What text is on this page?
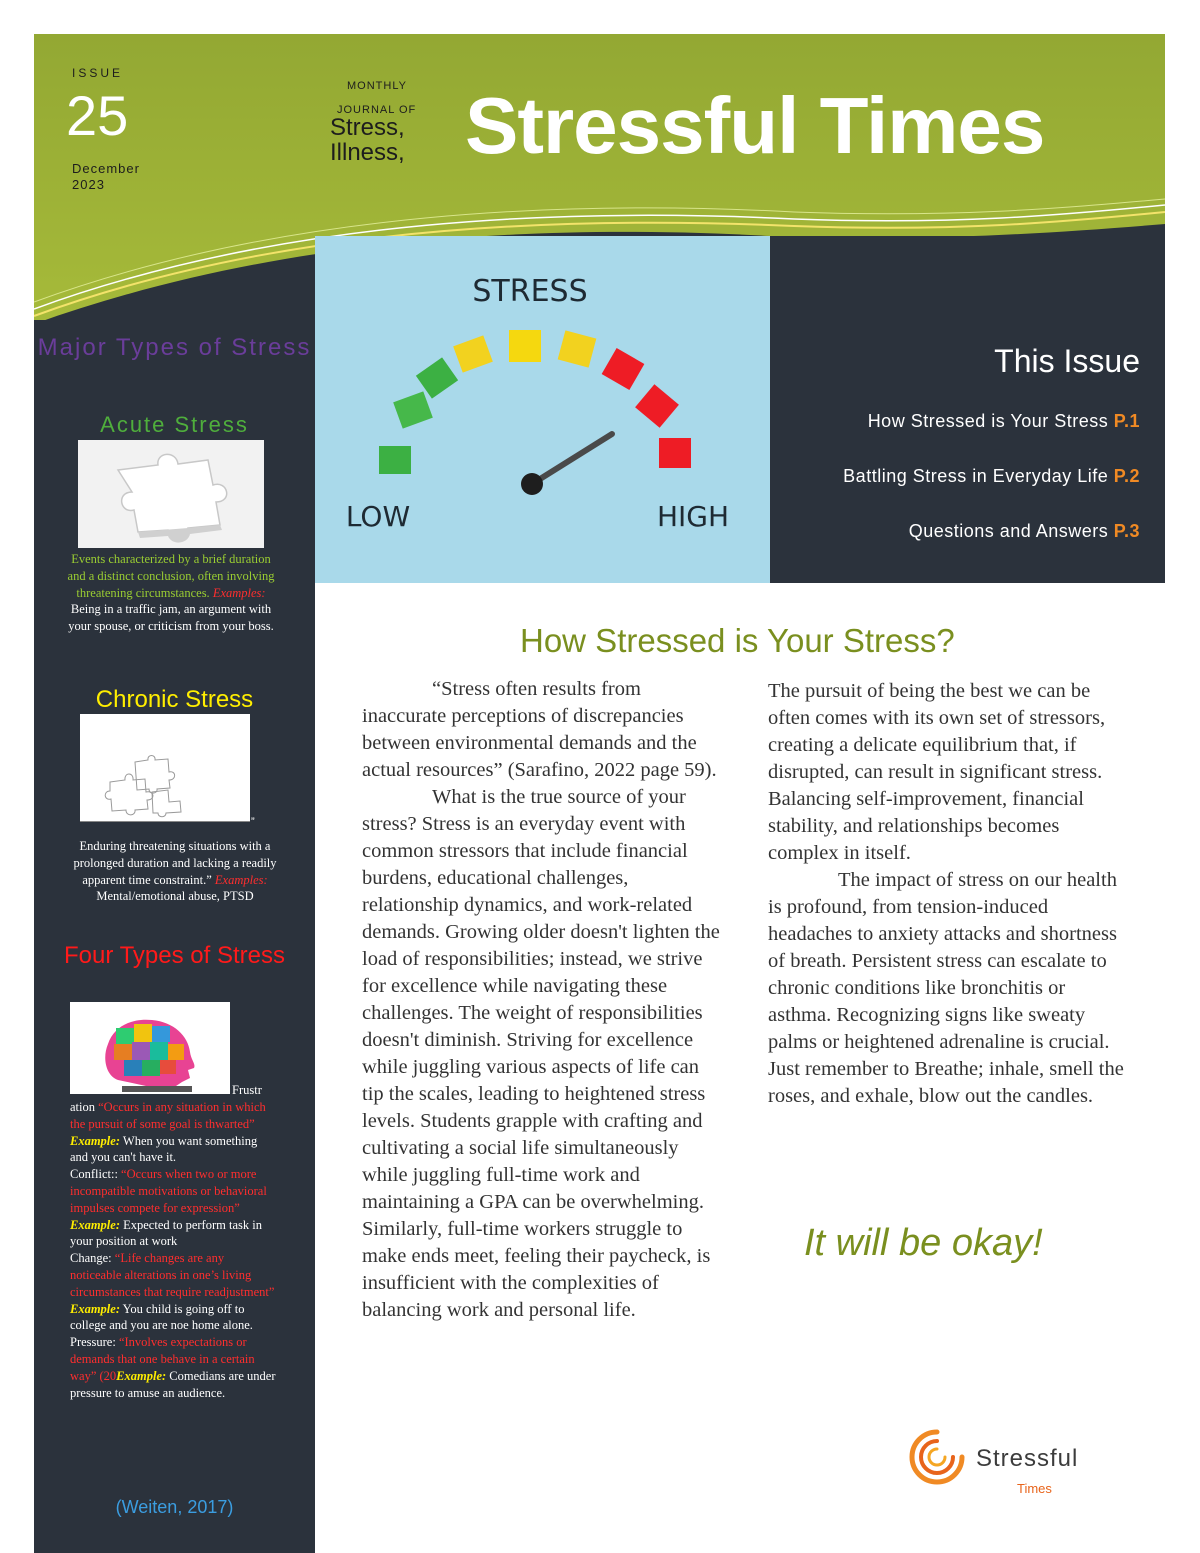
ISSUE
25
December
2023
MONTHLY
JOURNAL OF
Stress,
Illness, Stressful Times
Major Types of Stress
Acute Stress
Events characterized by a brief duration and a distinct conclusion, often involving threatening circumstances. Examples: Being in a traffic jam, an argument with your spouse, or criticism from your boss.
Chronic Stress
”
Enduring threatening situations with a prolonged duration and lacking a readily apparent time constraint.” Examples: Mental/emotional abuse, PTSD
Four Types of Stress
Frustr
ation “Occurs in any situation in which the pursuit of some goal is thwarted” Example: When you want something and you can't have it.
Conflict:: “Occurs when two or more incompatible motivations or behavioral impulses compete for expression” Example: Expected to perform task in your position at work
Change: “Life changes are any noticeable alterations in one’s living circumstances that require readjustment” Example: You child is going off to college and you are noe home alone.
Pressure: “Involves expectations or demands that one behave in a certain way” (20Example: Comedians are under pressure to amuse an audience.
(Weiten, 2017)
STRESS
LOW	HIGH
This Issue
How Stressed is Your Stress P.1
Battling Stress in Everyday Life P.2
Questions and Answers P.3
How Stressed is Your Stress?

“Stress often results from inaccurate perceptions of discrepancies between environmental demands and the actual resources” (Sarafino, 2022 page 59).

What is the true source of your stress? Stress is an everyday event with common stressors that include financial burdens, educational challenges, relationship dynamics, and work-related demands. Growing older doesn't lighten the load of responsibilities; instead, we strive for excellence while navigating these challenges. The weight of responsibilities doesn't diminish. Striving for excellence while juggling various aspects of life can tip the scales, leading to heightened stress levels. Students grapple with crafting and cultivating a social life simultaneously while juggling full-time work and maintaining a GPA can be overwhelming. Similarly, full-time workers struggle to make ends meet, feeling their paycheck, is insufficient with the complexities of balancing work and personal life.

The pursuit of being the best we can be often comes with its own set of stressors, creating a delicate equilibrium that, if disrupted, can result in significant stress. Balancing self-improvement, financial stability, and relationships becomes complex in itself.

The impact of stress on our health is profound, from tension-induced headaches to anxiety attacks and shortness of breath. Persistent stress can escalate to chronic conditions like bronchitis or asthma. Recognizing signs like sweaty palms or heightened adrenaline is crucial. Just remember to Breathe; inhale, smell the roses, and exhale, blow out the candles.

It will be okay!
Stressful
Times
